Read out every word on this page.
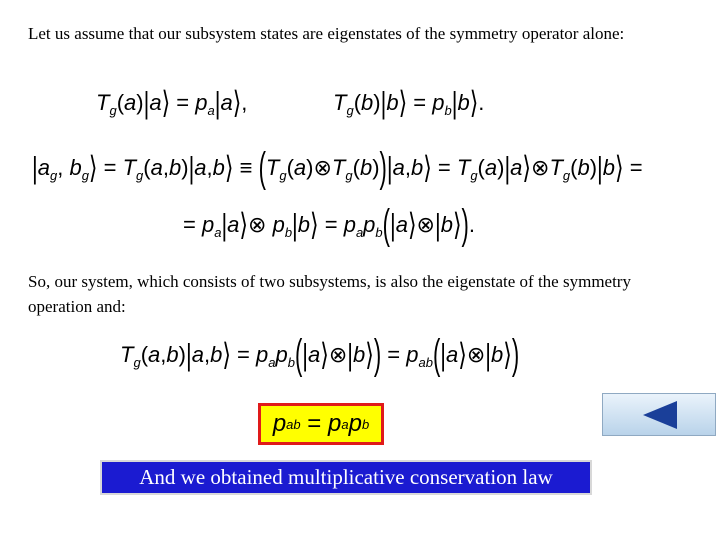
Let us assume that our subsystem states are eigenstates of the symmetry operator alone:
$T_g(a)|a⟩$ = $p_a|a⟩$,	$T_g(b)|b⟩$ = $p_b|b⟩$.
$|a_g$, $b_g⟩$ = $T_g(a,b)|a,b⟩$ ≡ $(T_g(a)\otimes T_g(b))|a,b⟩$ = $T_g(a)|a⟩\otimes T_g(b)|b⟩$ =
= $p_a|a⟩\otimes$ $p_b|b⟩$ = $p_ap_b(|a⟩\otimes|b⟩)$.
So, our system, which consists of two subsystems, is also the eigenstate of the symmetry operation and:
$T_g(a,b)|a,b⟩$ = $p_ap_b(|a⟩\otimes|b⟩)$ = $p_{ab}(|a⟩\otimes|b⟩)$
p ab = p a p b
And we obtained multiplicative conservation law
